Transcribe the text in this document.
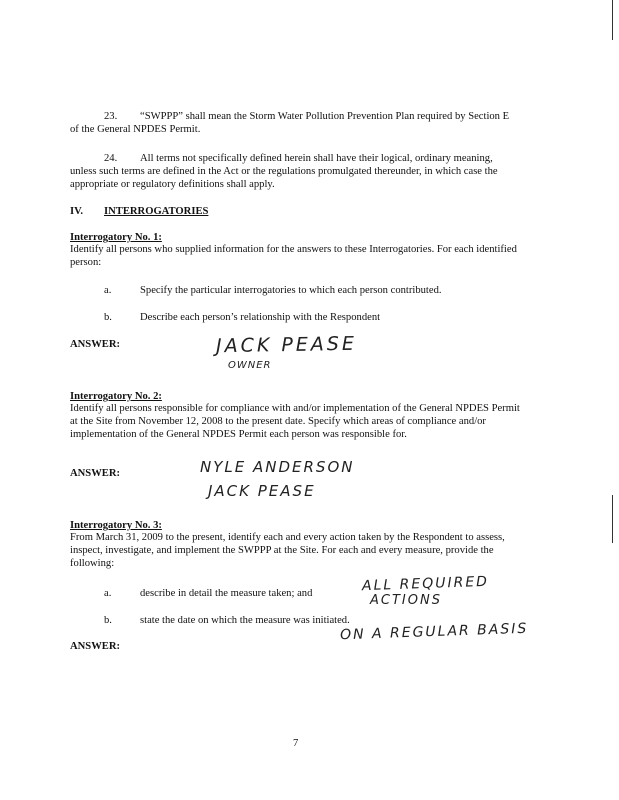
23.	“SWPPP” shall mean the Storm Water Pollution Prevention Plan required by Section E of the General NPDES Permit.
24.	All terms not specifically defined herein shall have their logical, ordinary meaning, unless such terms are defined in the Act or the regulations promulgated thereunder, in which case the appropriate or regulatory definitions shall apply.
IV. INTERROGATORIES
Interrogatory No. 1:
Identify all persons who supplied information for the answers to these Interrogatories. For each identified person:
a.	Specify the particular interrogatories to which each person contributed.
b.	Describe each person’s relationship with the Respondent
ANSWER:	JACK PEASE
OWNER
Interrogatory No. 2:
Identify all persons responsible for compliance with and/or implementation of the General NPDES Permit at the Site from November 12, 2008 to the present date. Specify which areas of compliance and/or implementation of the General NPDES Permit each person was responsible for.
ANSWER:	NYLE ANDERSON
JACK PEASE
Interrogatory No. 3:
From March 31, 2009 to the present, identify each and every action taken by the Respondent to assess, inspect, investigate, and implement the SWPPP at the Site. For each and every measure, provide the following:
a.	describe in detail the measure taken; and
b.	state the date on which the measure was initiated.
ANSWER:
ALL REQUIRED
ACTIONS
ON A REGULAR BASIS
7
